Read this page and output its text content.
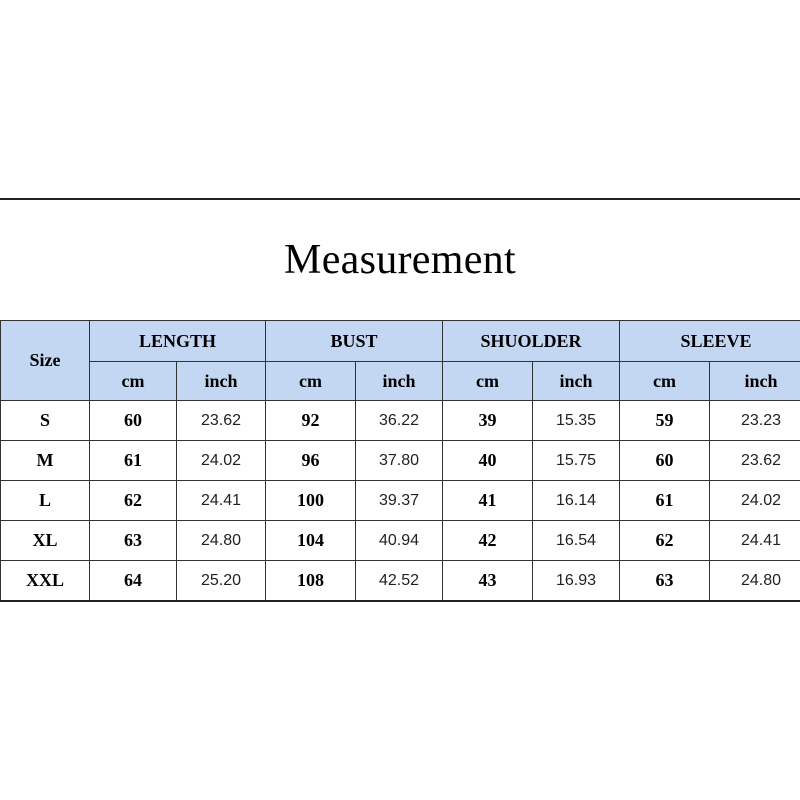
Measurement
Size	LENGTH		BUST		SHUOLDER		SLEEVE	
	cm	inch	cm	inch	cm	inch	cm	inch
S	60	23.62	92	36.22	39	15.35	59	23.23
M	61	24.02	96	37.80	40	15.75	60	23.62
L	62	24.41	100	39.37	41	16.14	61	24.02
XL	63	24.80	104	40.94	42	16.54	62	24.41
XXL	64	25.20	108	42.52	43	16.93	63	24.80
